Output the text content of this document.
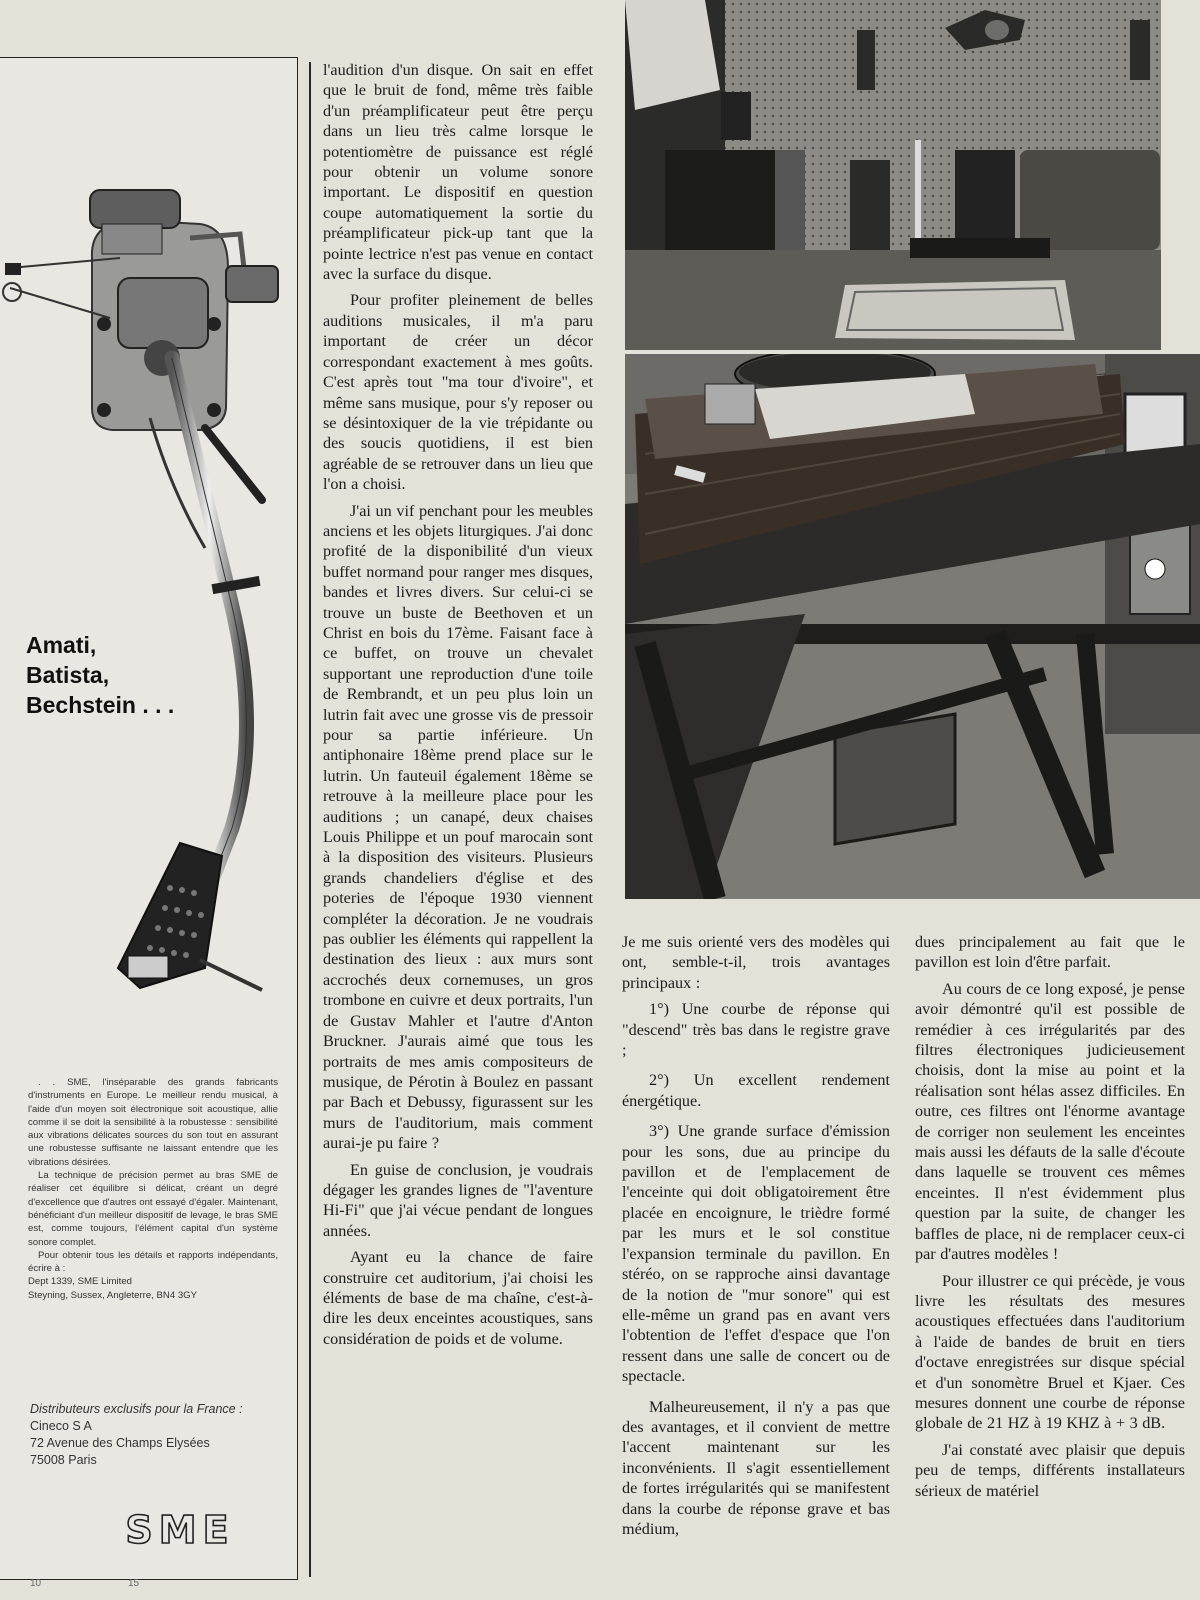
Amati,
Batista,
Bechstein . . .

. . SME, l'inséparable des grands fabricants d'instruments en Europe. Le meilleur rendu musical, à l'aide d'un moyen soit électronique soit acoustique, allie comme il se doit la sensibilité à la robustesse : sensibilité aux vibrations délicates sources du son tout en assurant une robustesse suffisante ne laissant entendre que les vibrations désirées.

La technique de précision permet au bras SME de réaliser cet équilibre si délicat, créant un degré d'excellence que d'autres ont essayé d'égaler. Maintenant, bénéficiant d'un meilleur dispositif de levage, le bras SME est, comme toujours, l'élément capital d'un système sonore complet.

Pour obtenir tous les détails et rapports indépendants, écrire à :

Dept 1339, SME Limited
Steyning, Sussex, Angleterre, BN4 3GY

Distributeurs exclusifs pour la France :
Cineco S A
72 Avenue des Champs Elysées
75008 Paris
SME
10	15

l'audition d'un disque. On sait en effet que le bruit de fond, même très faible d'un préamplificateur peut être perçu dans un lieu très calme lorsque le potentiomètre de puissance est réglé pour obtenir un volume sonore important. Le dispositif en question coupe automatiquement la sortie du préamplificateur pick-up tant que la pointe lectrice n'est pas venue en contact avec la surface du disque.

Pour profiter pleinement de belles auditions musicales, il m'a paru important de créer un décor correspondant exactement à mes goûts. C'est après tout "ma tour d'ivoire", et même sans musique, pour s'y reposer ou se désintoxiquer de la vie trépidante ou des soucis quotidiens, il est bien agréable de se retrouver dans un lieu que l'on a choisi.

J'ai un vif penchant pour les meubles anciens et les objets liturgiques. J'ai donc profité de la disponibilité d'un vieux buffet normand pour ranger mes disques, bandes et livres divers. Sur celui-ci se trouve un buste de Beethoven et un Christ en bois du 17ème. Faisant face à ce buffet, on trouve un chevalet supportant une reproduction d'une toile de Rembrandt, et un peu plus loin un lutrin fait avec une grosse vis de pressoir pour sa partie inférieure. Un antiphonaire 18ème prend place sur le lutrin. Un fauteuil également 18ème se retrouve à la meilleure place pour les auditions ; un canapé, deux chaises Louis Philippe et un pouf marocain sont à la disposition des visiteurs. Plusieurs grands chandeliers d'église et des poteries de l'époque 1930 viennent compléter la décoration. Je ne voudrais pas oublier les éléments qui rappellent la destination des lieux : aux murs sont accrochés deux cornemuses, un gros trombone en cuivre et deux portraits, l'un de Gustav Mahler et l'autre d'Anton Bruckner. J'aurais aimé que tous les portraits de mes amis compositeurs de musique, de Pérotin à Boulez en passant par Bach et Debussy, figurassent sur les murs de l'auditorium, mais comment aurai-je pu faire ?

En guise de conclusion, je voudrais dégager les grandes lignes de "l'aventure Hi-Fi" que j'ai vécue pendant de longues années.

Ayant eu la chance de faire construire cet auditorium, j'ai choisi les éléments de base de ma chaîne, c'est-à-dire les deux enceintes acoustiques, sans considération de poids et de volume.

Je me suis orienté vers des modèles qui ont, semble-t-il, trois avantages principaux :

1°) Une courbe de réponse qui "descend" très bas dans le registre grave ;

2°) Un excellent rendement énergétique.

3°) Une grande surface d'émission pour les sons, due au principe du pavillon et de l'emplacement de l'enceinte qui doit obligatoirement être placée en encoignure, le trièdre formé par les murs et le sol constitue l'expansion terminale du pavillon. En stéréo, on se rapproche ainsi davantage de la notion de "mur sonore" qui est elle-même un grand pas en avant vers l'obtention de l'effet d'espace que l'on ressent dans une salle de concert ou de spectacle.

Malheureusement, il n'y a pas que des avantages, et il convient de mettre l'accent maintenant sur les inconvénients. Il s'agit essentiellement de fortes irrégularités qui se manifestent dans la courbe de réponse grave et bas médium,

dues principalement au fait que le pavillon est loin d'être parfait.

Au cours de ce long exposé, je pense avoir démontré qu'il est possible de remédier à ces irrégularités par des filtres électroniques judicieusement choisis, dont la mise au point et la réalisation sont hélas assez difficiles. En outre, ces filtres ont l'énorme avantage de corriger non seulement les enceintes mais aussi les défauts de la salle d'écoute dans laquelle se trouvent ces mêmes enceintes. Il n'est évidemment plus question par la suite, de changer les baffles de place, ni de remplacer ceux-ci par d'autres modèles !

Pour illustrer ce qui précède, je vous livre les résultats des mesures acoustiques effectuées dans l'auditorium à l'aide de bandes de bruit en tiers d'octave enregistrées sur disque spécial et d'un sonomètre Bruel et Kjaer. Ces mesures donnent une courbe de réponse globale de 21 HZ à 19 KHZ à + 3 dB.

J'ai constaté avec plaisir que depuis peu de temps, différents installateurs sérieux de matériel
